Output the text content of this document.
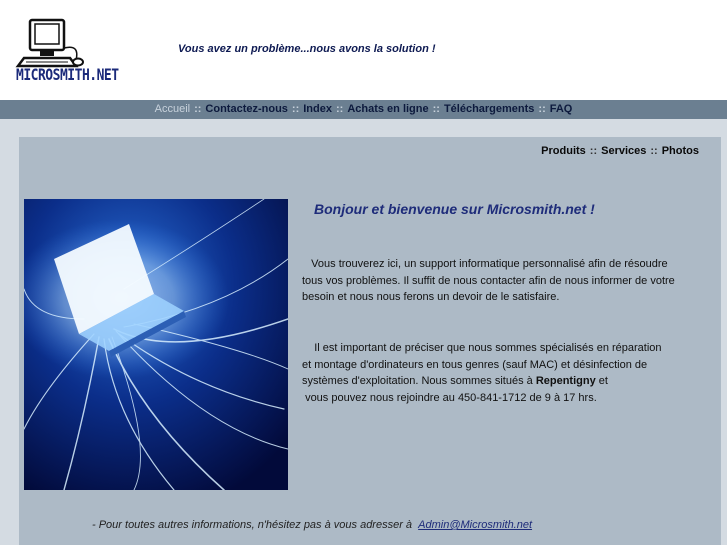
MICROSMITH.NET
Vous avez un problème...nous avons la solution !
Accueil :: Contactez-nous :: Index :: Achats en ligne :: Téléchargements :: FAQ
Produits :: Services :: Photos
Bonjour et bienvenue sur Microsmith.net !
Vous trouverez ici, un support informatique personnalisé afin de résoudre
tous vos problèmes. Il suffit de nous contacter afin de nous informer de votre
besoin et nous nous ferons un devoir de le satisfaire.
Il est important de préciser que nous sommes spécialisés en réparation
et montage d'ordinateurs en tous genres (sauf MAC) et désinfection de
systèmes d'exploitation. Nous sommes situés à Repentigny et
vous pouvez nous rejoindre au 450-841-1712 de 9 à 17 hrs.
- Pour toutes autres informations, n'hésitez pas à vous adresser à Admin@Microsmith.net
